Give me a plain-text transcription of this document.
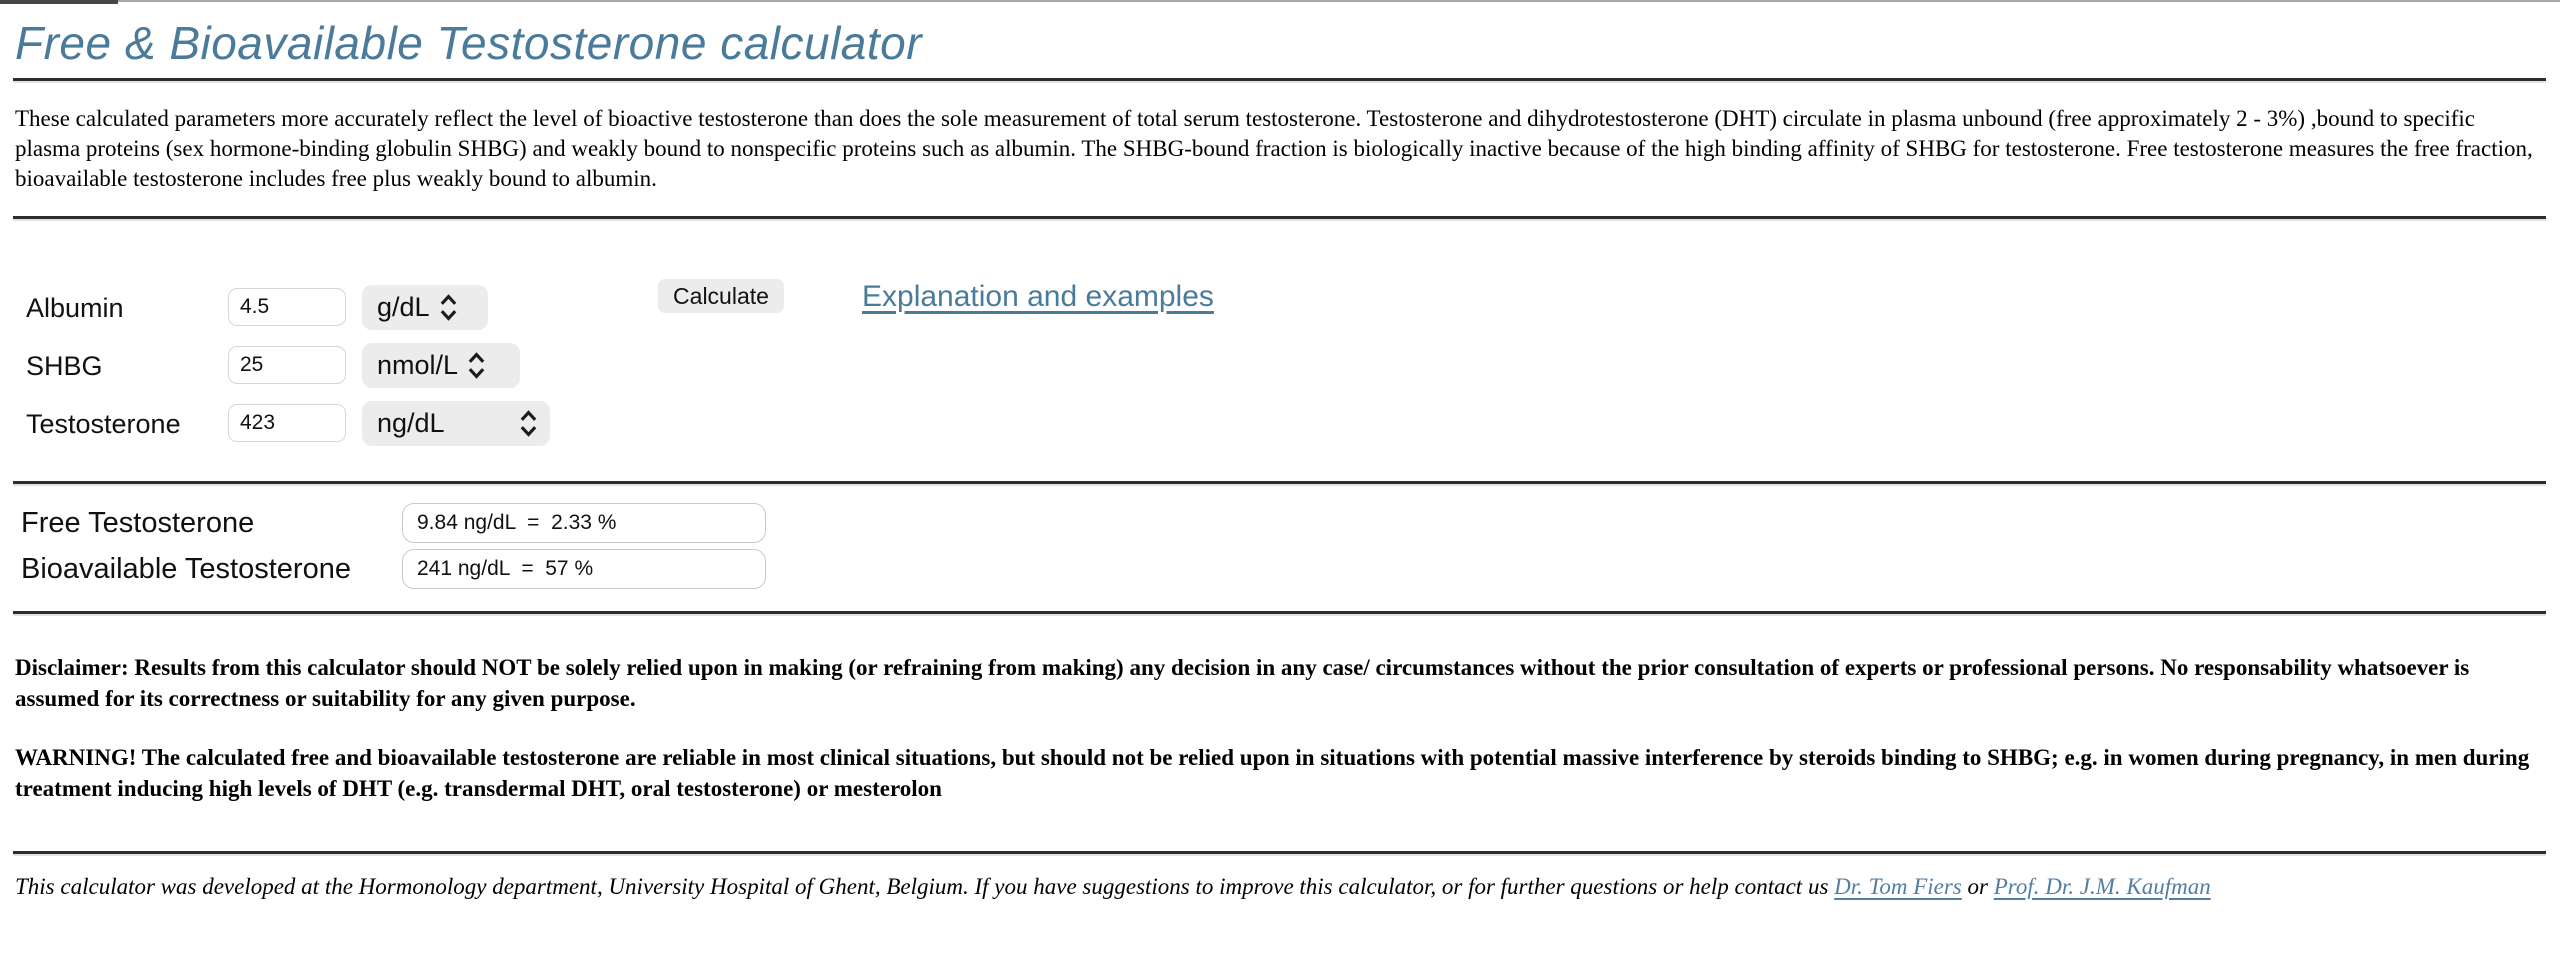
Free & Bioavailable Testosterone calculator

These calculated parameters more accurately reflect the level of bioactive testosterone than does the sole measurement of total serum testosterone. Testosterone and dihydrotestosterone (DHT) circulate in plasma unbound (free approximately 2 - 3%) ,bound to specific plasma proteins (sex hormone-binding globulin SHBG) and weakly bound to nonspecific proteins such as albumin. The SHBG-bound fraction is biologically inactive because of the high binding affinity of SHBG for testosterone. Free testosterone measures the free fraction, bioavailable testosterone includes free plus weakly bound to albumin.

Albumin
4.5	g/dL
SHBG
25	nmol/L
Testosterone
423	ng/dL
Calculate	Explanation and examples
Free Testosterone	9.84 ng/dL  =  2.33 %
Bioavailable Testosterone	241 ng/dL  =  57 %

Disclaimer: Results from this calculator should NOT be solely relied upon in making (or refraining from making) any decision in any case/ circumstances without the prior consultation of experts or professional persons. No responsability whatsoever is assumed for its correctness or suitability for any given purpose.

WARNING! The calculated free and bioavailable testosterone are reliable in most clinical situations, but should not be relied upon in situations with potential massive interference by steroids binding to SHBG; e.g. in women during pregnancy, in men during treatment inducing high levels of DHT (e.g. transdermal DHT, oral testosterone) or mesterolon

This calculator was developed at the Hormonology department, University Hospital of Ghent, Belgium. If you have suggestions to improve this calculator, or for further questions or help contact us Dr. Tom Fiers or Prof. Dr. J.M. Kaufman
